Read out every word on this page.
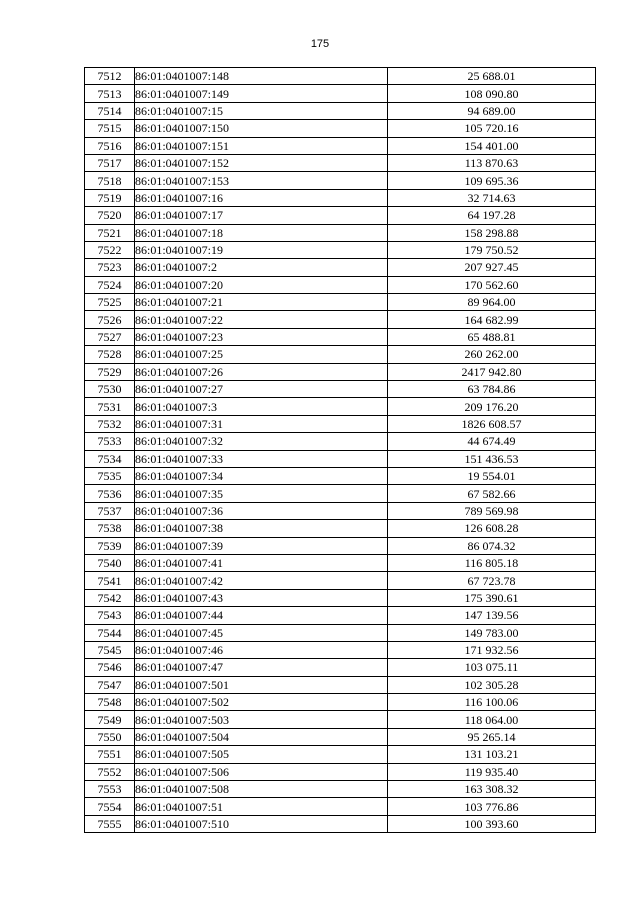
175
7512	86:01:0401007:148	25 688.01
7513	86:01:0401007:149	108 090.80
7514	86:01:0401007:15	94 689.00
7515	86:01:0401007:150	105 720.16
7516	86:01:0401007:151	154 401.00
7517	86:01:0401007:152	113 870.63
7518	86:01:0401007:153	109 695.36
7519	86:01:0401007:16	32 714.63
7520	86:01:0401007:17	64 197.28
7521	86:01:0401007:18	158 298.88
7522	86:01:0401007:19	179 750.52
7523	86:01:0401007:2	207 927.45
7524	86:01:0401007:20	170 562.60
7525	86:01:0401007:21	89 964.00
7526	86:01:0401007:22	164 682.99
7527	86:01:0401007:23	65 488.81
7528	86:01:0401007:25	260 262.00
7529	86:01:0401007:26	2417 942.80
7530	86:01:0401007:27	63 784.86
7531	86:01:0401007:3	209 176.20
7532	86:01:0401007:31	1826 608.57
7533	86:01:0401007:32	44 674.49
7534	86:01:0401007:33	151 436.53
7535	86:01:0401007:34	19 554.01
7536	86:01:0401007:35	67 582.66
7537	86:01:0401007:36	789 569.98
7538	86:01:0401007:38	126 608.28
7539	86:01:0401007:39	86 074.32
7540	86:01:0401007:41	116 805.18
7541	86:01:0401007:42	67 723.78
7542	86:01:0401007:43	175 390.61
7543	86:01:0401007:44	147 139.56
7544	86:01:0401007:45	149 783.00
7545	86:01:0401007:46	171 932.56
7546	86:01:0401007:47	103 075.11
7547	86:01:0401007:501	102 305.28
7548	86:01:0401007:502	116 100.06
7549	86:01:0401007:503	118 064.00
7550	86:01:0401007:504	95 265.14
7551	86:01:0401007:505	131 103.21
7552	86:01:0401007:506	119 935.40
7553	86:01:0401007:508	163 308.32
7554	86:01:0401007:51	103 776.86
7555	86:01:0401007:510	100 393.60
